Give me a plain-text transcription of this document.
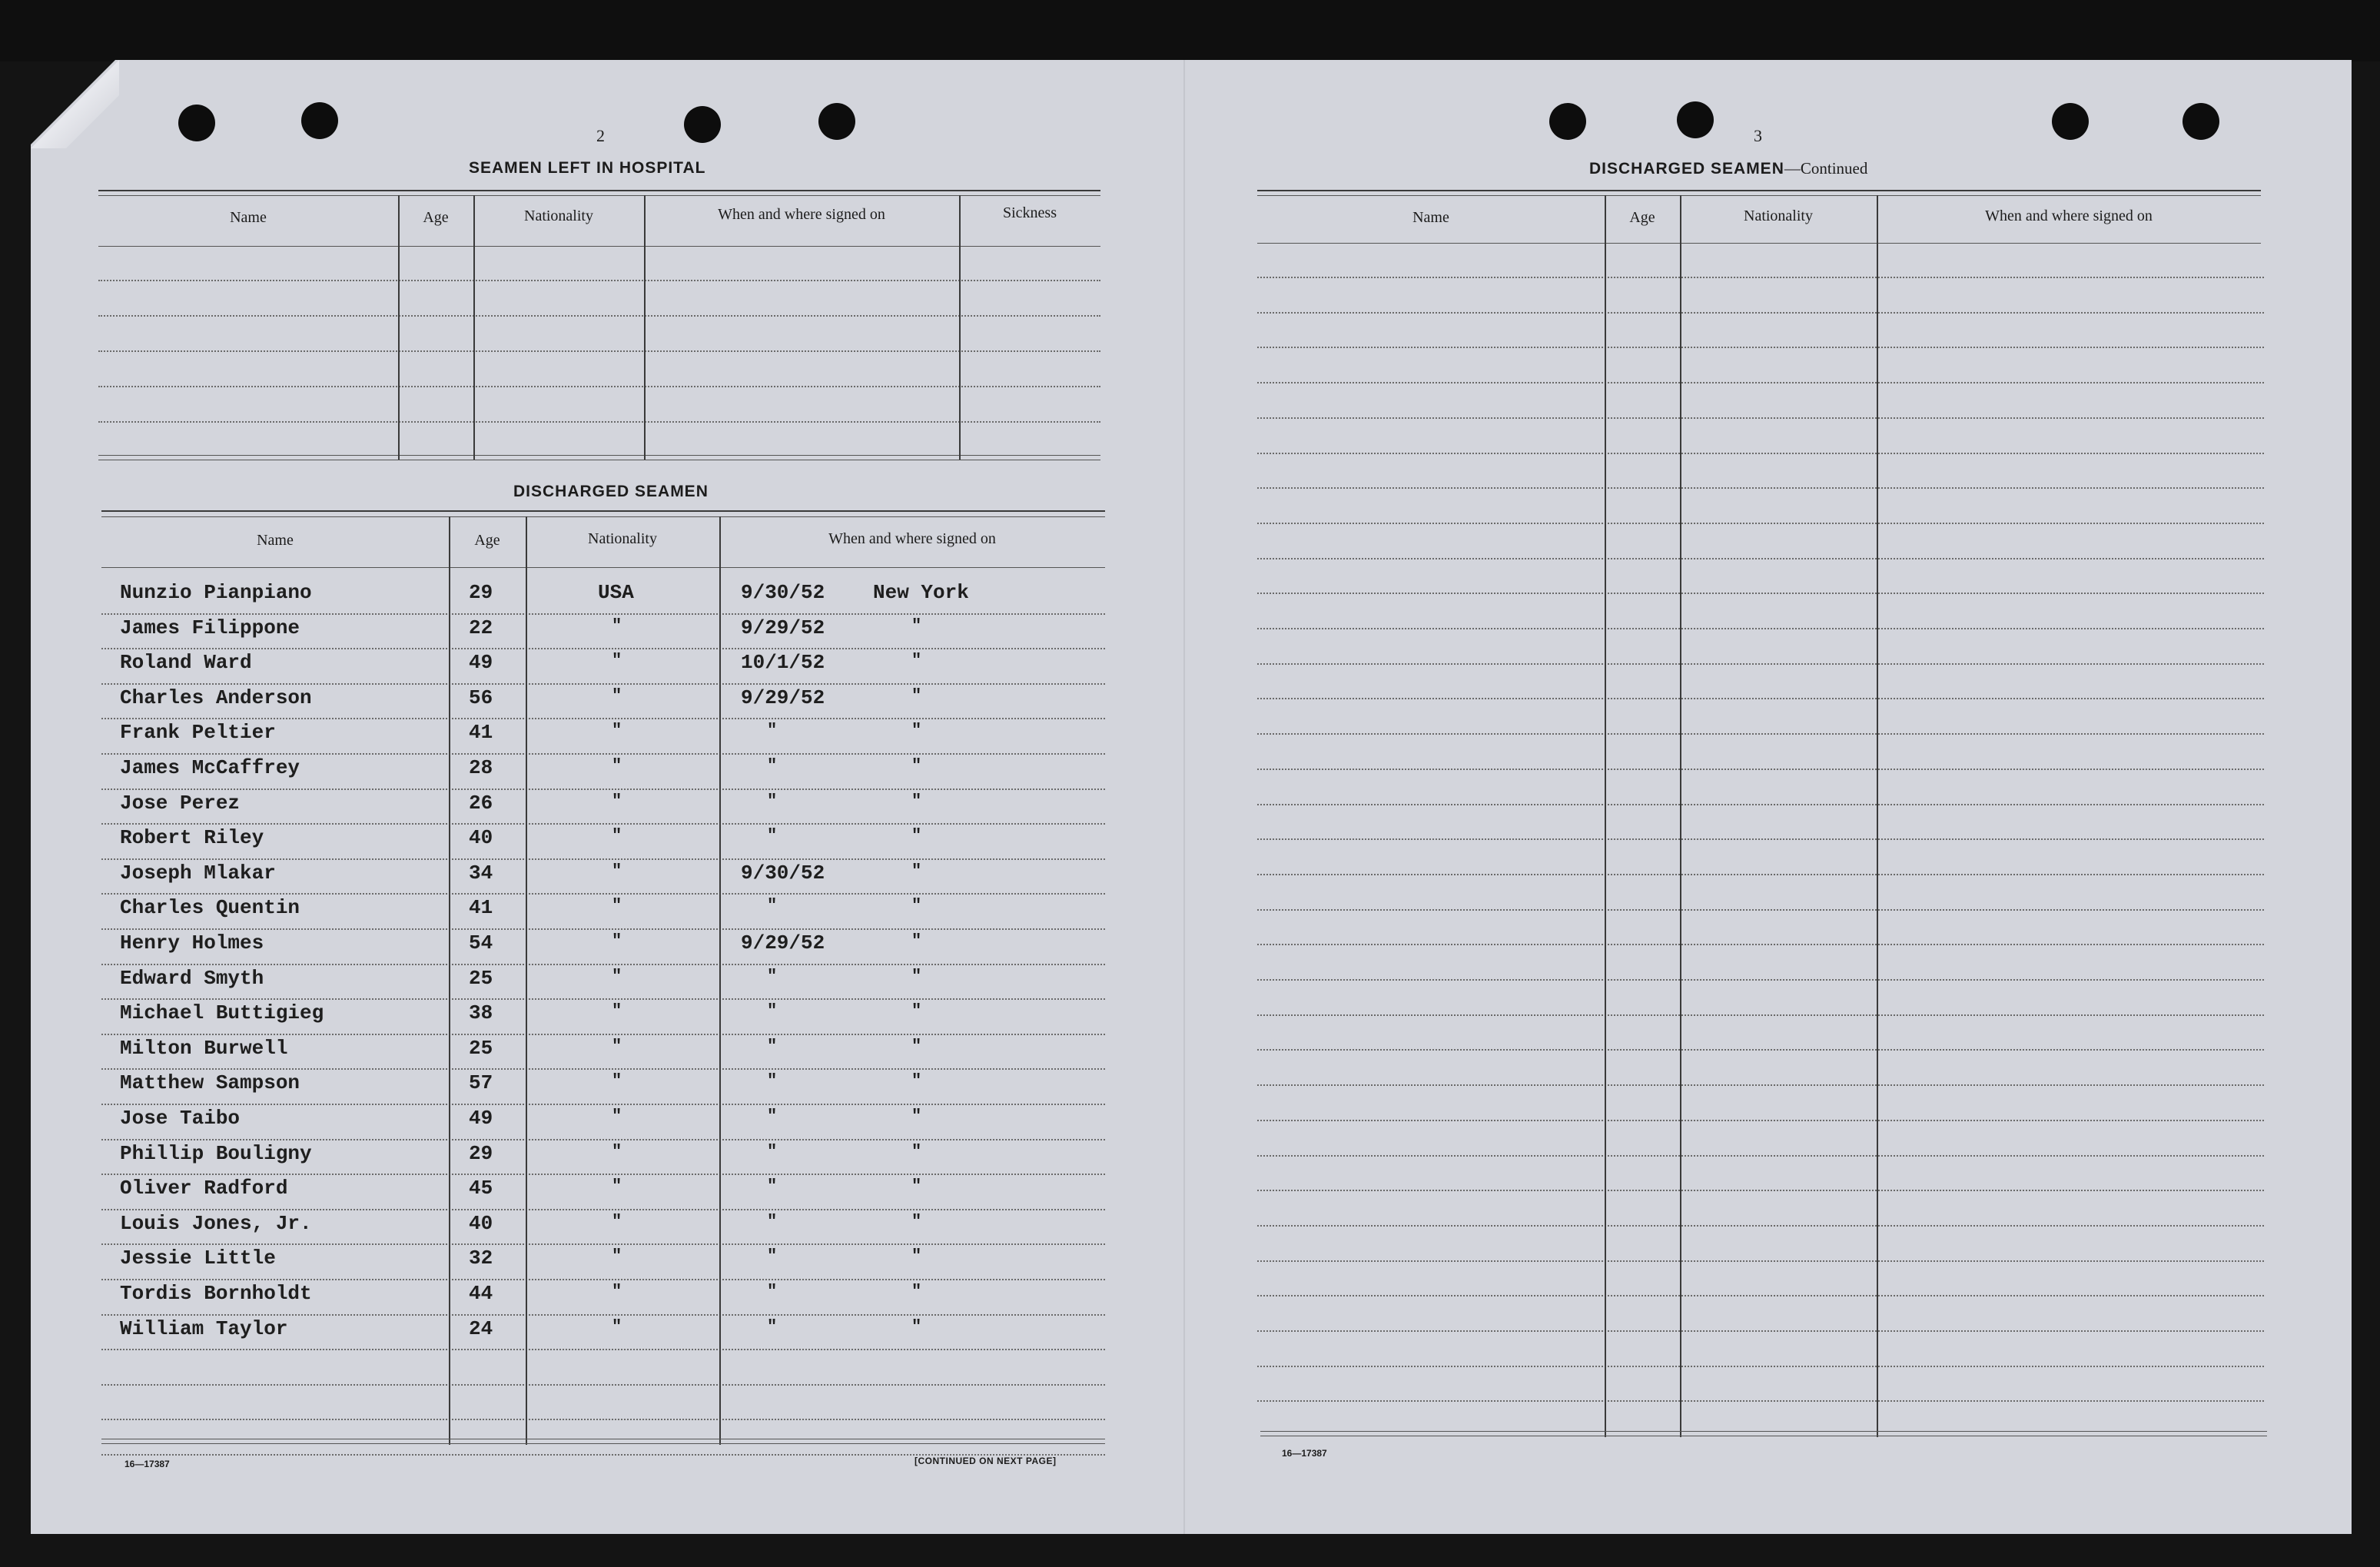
2
SEAMEN LEFT IN HOSPITAL
Name	Age	Nationality	When and where signed on	Sickness
DISCHARGED SEAMEN
Name	Age	Nationality	When and where signed on
Nunzio Pianpiano	29	USA	9/30/52 New York
James Filippone	22	"	9/29/52	"
Roland Ward	49	"	10/1/52	"
Charles Anderson	56	"	9/29/52	"
Frank Peltier	41	"	"	"
James McCaffrey	28	"	"	"
Jose Perez	26	"	"	"
Robert Riley	40	"	"	"
Joseph Mlakar	34	"	9/30/52	"
Charles Quentin	41	"	"	"
Henry Holmes	54	"	9/29/52	"
Edward Smyth	25	"	"	"
Michael Buttigieg	38	"	"	"
Milton Burwell	25	"	"	"
Matthew Sampson	57	"	"	"
Jose Taibo	49	"	"	"
Phillip Bouligny	29	"	"	"
Oliver Radford	45	"	"	"
Louis Jones, Jr.	40	"	"	"
Jessie Little	32	"	"	"
Tordis Bornholdt	44	"	"	"
William Taylor	24	"	"	"
16—17387	[CONTINUED ON NEXT PAGE]
3
DISCHARGED SEAMEN—Continued
Name	Age	Nationality	When and where signed on
16—17387
